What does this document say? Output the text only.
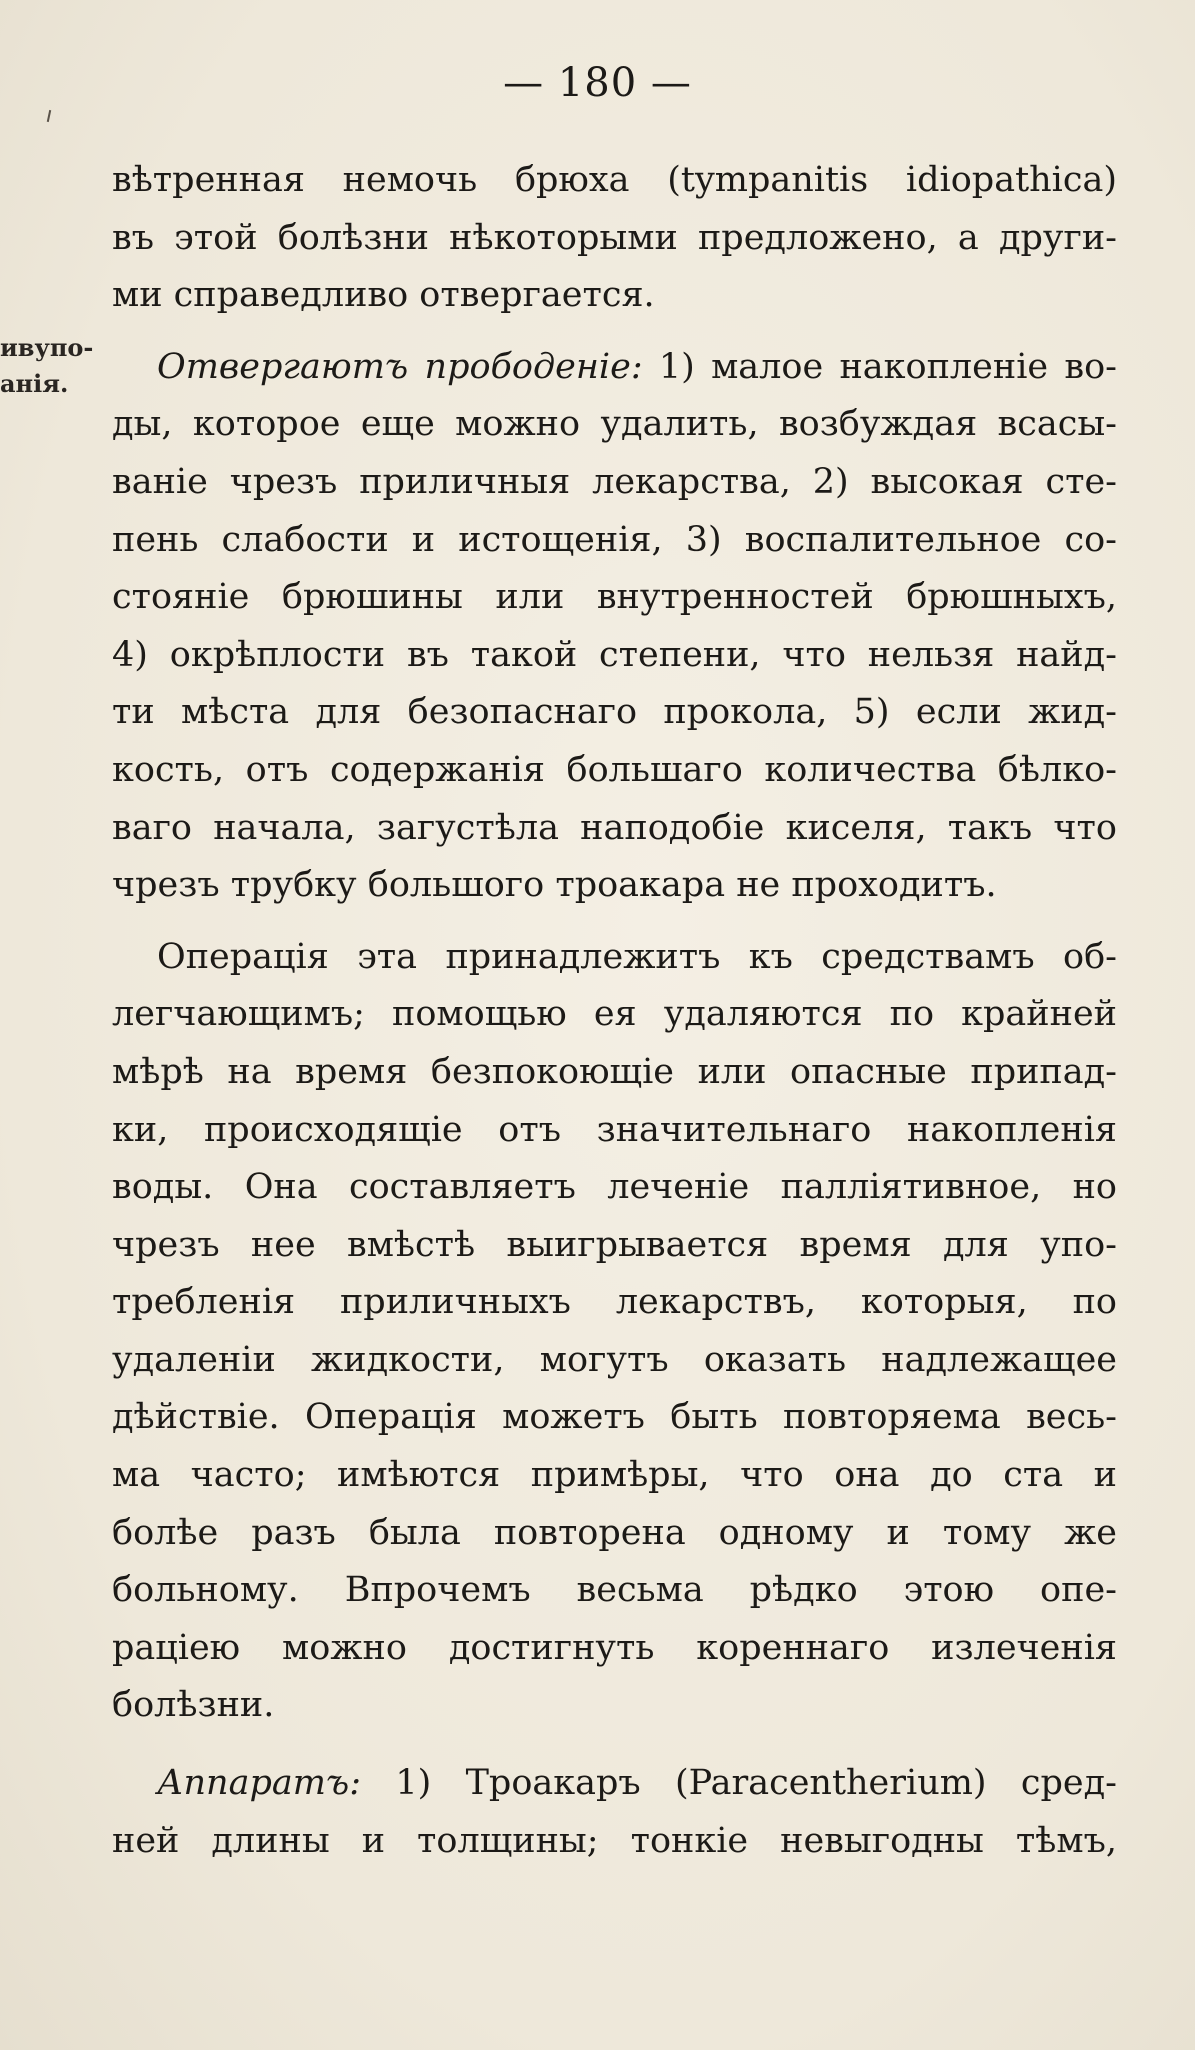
— 180 —
ивупо-
анія.
вѣтренная немочь брюха (tympanitis idiopathica)
въ этой болѣзни нѣкоторыми предложено, а други-
ми справедливо отвергается.
Отвергаютъ прободеніе: 1) малое накопленіе во-
ды, которое еще можно удалить, возбуждая всасы-
ваніе чрезъ приличныя лекарства, 2) высокая сте-
пень слабости и истощенія, 3) воспалительное со-
стояніе брюшины или внутренностей брюшныхъ,
4) окрѣплости въ такой степени, что нельзя найд-
ти мѣста для безопаснаго прокола, 5) если жид-
кость, отъ содержанія большаго количества бѣлко-
ваго начала, загустѣла наподобіе киселя, такъ что
чрезъ трубку большого троакара не проходитъ.
Операція эта принадлежитъ къ средствамъ об-
легчающимъ; помощью ея удаляются по крайней
мѣрѣ на время безпокоющіе или опасные припад-
ки, происходящіе отъ значительнаго накопленія
воды. Она составляетъ леченіе палліятивное, но
чрезъ нее вмѣстѣ выигрывается время для упо-
требленія приличныхъ лекарствъ, которыя, по
удаленіи жидкости, могутъ оказать надлежащее
дѣйствіе. Операція можетъ быть повторяема весь-
ма часто; имѣются примѣры, что она до ста и
болѣе разъ была повторена одному и тому же
больному. Впрочемъ весьма рѣдко этою опе-
раціею можно достигнуть кореннаго излеченія
болѣзни.
Аппаратъ: 1) Троакаръ (Paracentherium) сред-
ней длины и толщины; тонкіе невыгодны тѣмъ,
